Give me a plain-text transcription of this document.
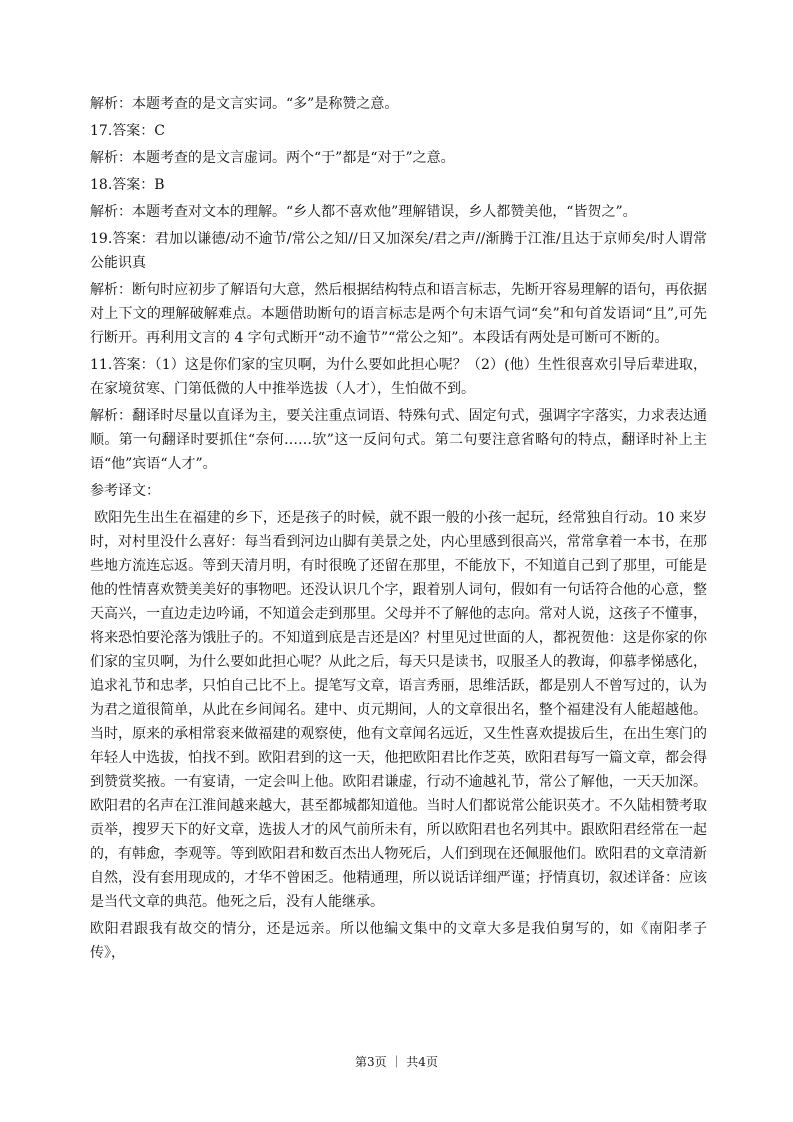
解析：本题考查的是文言实词。“多”是称赞之意。

17.答案：C

解析：本题考查的是文言虚词。两个“于”都是“对于”之意。

18.答案：B

解析：本题考查对文本的理解。“乡人都不喜欢他”理解错误，乡人都赞美他，“皆贺之”。

19.答案：君加以谦德/动不逾节/常公之知//日又加深矣/君之声//渐腾于江淮/且达于京师矣/时人谓常公能识真

解析：断句时应初步了解语句大意，然后根据结构特点和语言标志，先断开容易理解的语句，再依据对上下文的理解破解难点。本题借助断句的语言标志是两个句末语气词“矣”和句首发语词“且”,可先行断开。再利用文言的 4 字句式断开“动不逾节”“常公之知”。本段话有两处是可断可不断的。

11.答案：（1）这是你们家的宝贝啊，为什么要如此担心呢？（2）(他）生性很喜欢引导后辈进取，在家境贫寒、门第低微的人中推举选拔（人才），生怕做不到。

解析：翻译时尽量以直译为主，要关注重点词语、特殊句式、固定句式，强调字字落实，力求表达通顺。第一句翻译时要抓住“奈何……欤”这一反问句式。第二句要注意省略句的特点，翻译时补上主语“他”宾语“人才”。

参考译文：

欧阳先生出生在福建的乡下，还是孩子的时候，就不跟一般的小孩一起玩，经常独自行动。10 来岁时，对村里没什么喜好：每当看到河边山脚有美景之处，内心里感到很高兴，常常拿着一本书，在那些地方流连忘返。等到天清月明，有时很晚了还留在那里，不能放下，不知道自己到了那里，可能是他的性情喜欢赞美美好的事物吧。还没认识几个字，跟着别人词句，假如有一句话符合他的心意，整天高兴，一直边走边吟诵，不知道会走到那里。父母并不了解他的志向。常对人说，这孩子不懂事，将来恐怕要沦落为饿肚子的。不知道到底是吉还是凶？村里见过世面的人，都祝贺他：这是你家的你们家的宝贝啊，为什么要如此担心呢？从此之后，每天只是读书，叹服圣人的教诲，仰慕孝悌感化，追求礼节和忠孝，只怕自己比不上。提笔写文章，语言秀丽，思维活跃，都是别人不曾写过的，认为为君之道很简单，从此在乡间闻名。建中、贞元期间，人的文章很出名，整个福建没有人能超越他。当时，原来的承相常衮来做福建的观察使，他有文章闻名远近，又生性喜欢提拔后生，在出生寒门的年轻人中选拔，怕找不到。欧阳君到的这一天，他把欧阳君比作芝英，欧阳君每写一篇文章，都会得到赞赏奖掖。一有宴请，一定会叫上他。欧阳君谦虚，行动不逾越礼节，常公了解他，一天天加深。欧阳君的名声在江淮间越来越大，甚至都城都知道他。当时人们都说常公能识英才。不久陆相赞考取贡举，搜罗天下的好文章，选拔人才的风气前所未有，所以欧阳君也名列其中。跟欧阳君经常在一起的，有韩愈，李观等。等到欧阳君和数百杰出人物死后，人们到现在还佩服他们。欧阳君的文章清新自然，没有套用现成的，才华不曾困乏。他精通理，所以说话详细严谨；抒情真切，叙述详备：应该是当代文章的典范。他死之后，没有人能继承。

欧阳君跟我有故交的情分，还是远亲。所以他编文集中的文章大多是我伯舅写的，如《南阳孝子传》，

第3页 ｜ 共4页
